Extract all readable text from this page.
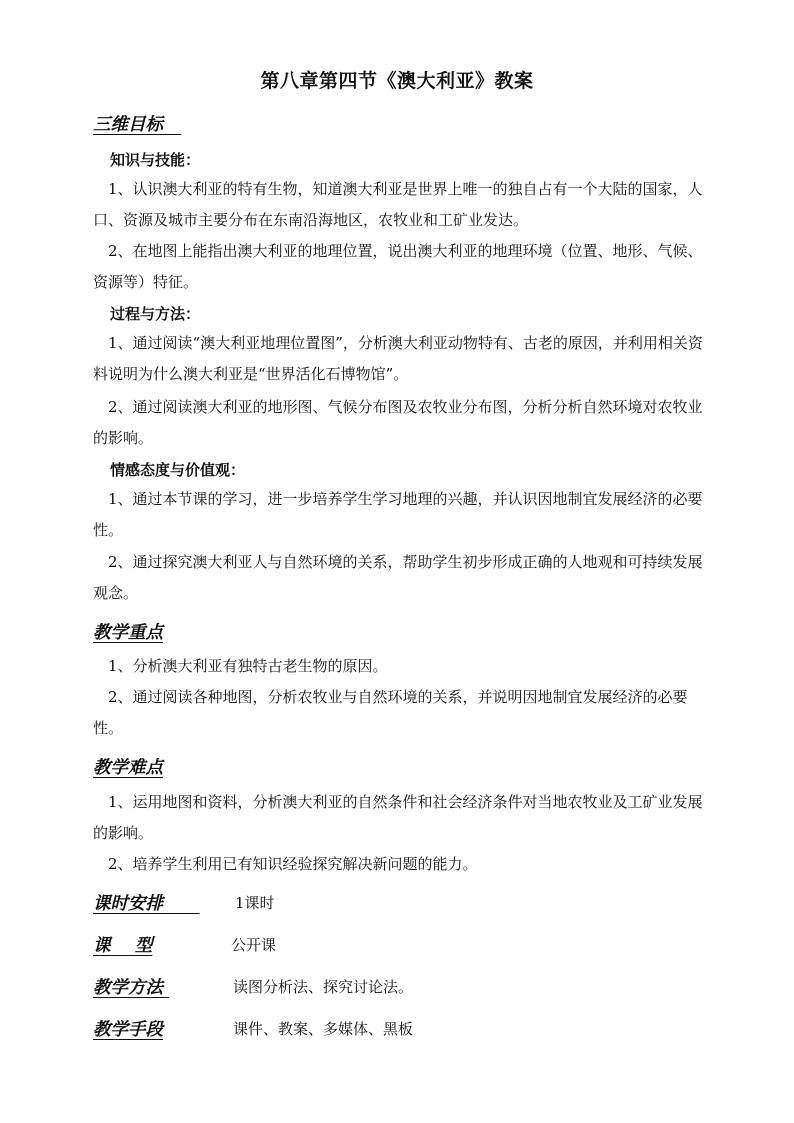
第八章第四节《澳大利亚》教案
三维目标
知识与技能：
1、认识澳大利亚的特有生物，知道澳大利亚是世界上唯一的独自占有一个大陆的国家，人口、资源及城市主要分布在东南沿海地区，农牧业和工矿业发达。
2、在地图上能指出澳大利亚的地理位置，说出澳大利亚的地理环境（位置、地形、气候、资源等）特征。
过程与方法：
1、通过阅读“澳大利亚地理位置图”，分析澳大利亚动物特有、古老的原因，并利用相关资料说明为什么澳大利亚是“世界活化石博物馆”。
2、通过阅读澳大利亚的地形图、气候分布图及农牧业分布图，分析分析自然环境对农牧业的影响。
情感态度与价值观：
1、通过本节课的学习，进一步培养学生学习地理的兴趣，并认识因地制宜发展经济的必要性。
2、通过探究澳大利亚人与自然环境的关系，帮助学生初步形成正确的人地观和可持续发展观念。
教学重点
1、分析澳大利亚有独特古老生物的原因。
2、通过阅读各种地图，分析农牧业与自然环境的关系，并说明因地制宜发展经济的必要性。
教学难点
1、运用地图和资料，分析澳大利亚的自然条件和社会经济条件对当地农牧业及工矿业发展的影响。
2、培养学生利用已有知识经验探究解决新问题的能力。
课时安排	1课时
课    型	公开课
教学方法	读图分析法、探究讨论法。
教学手段	课件、教案、多媒体、黑板
